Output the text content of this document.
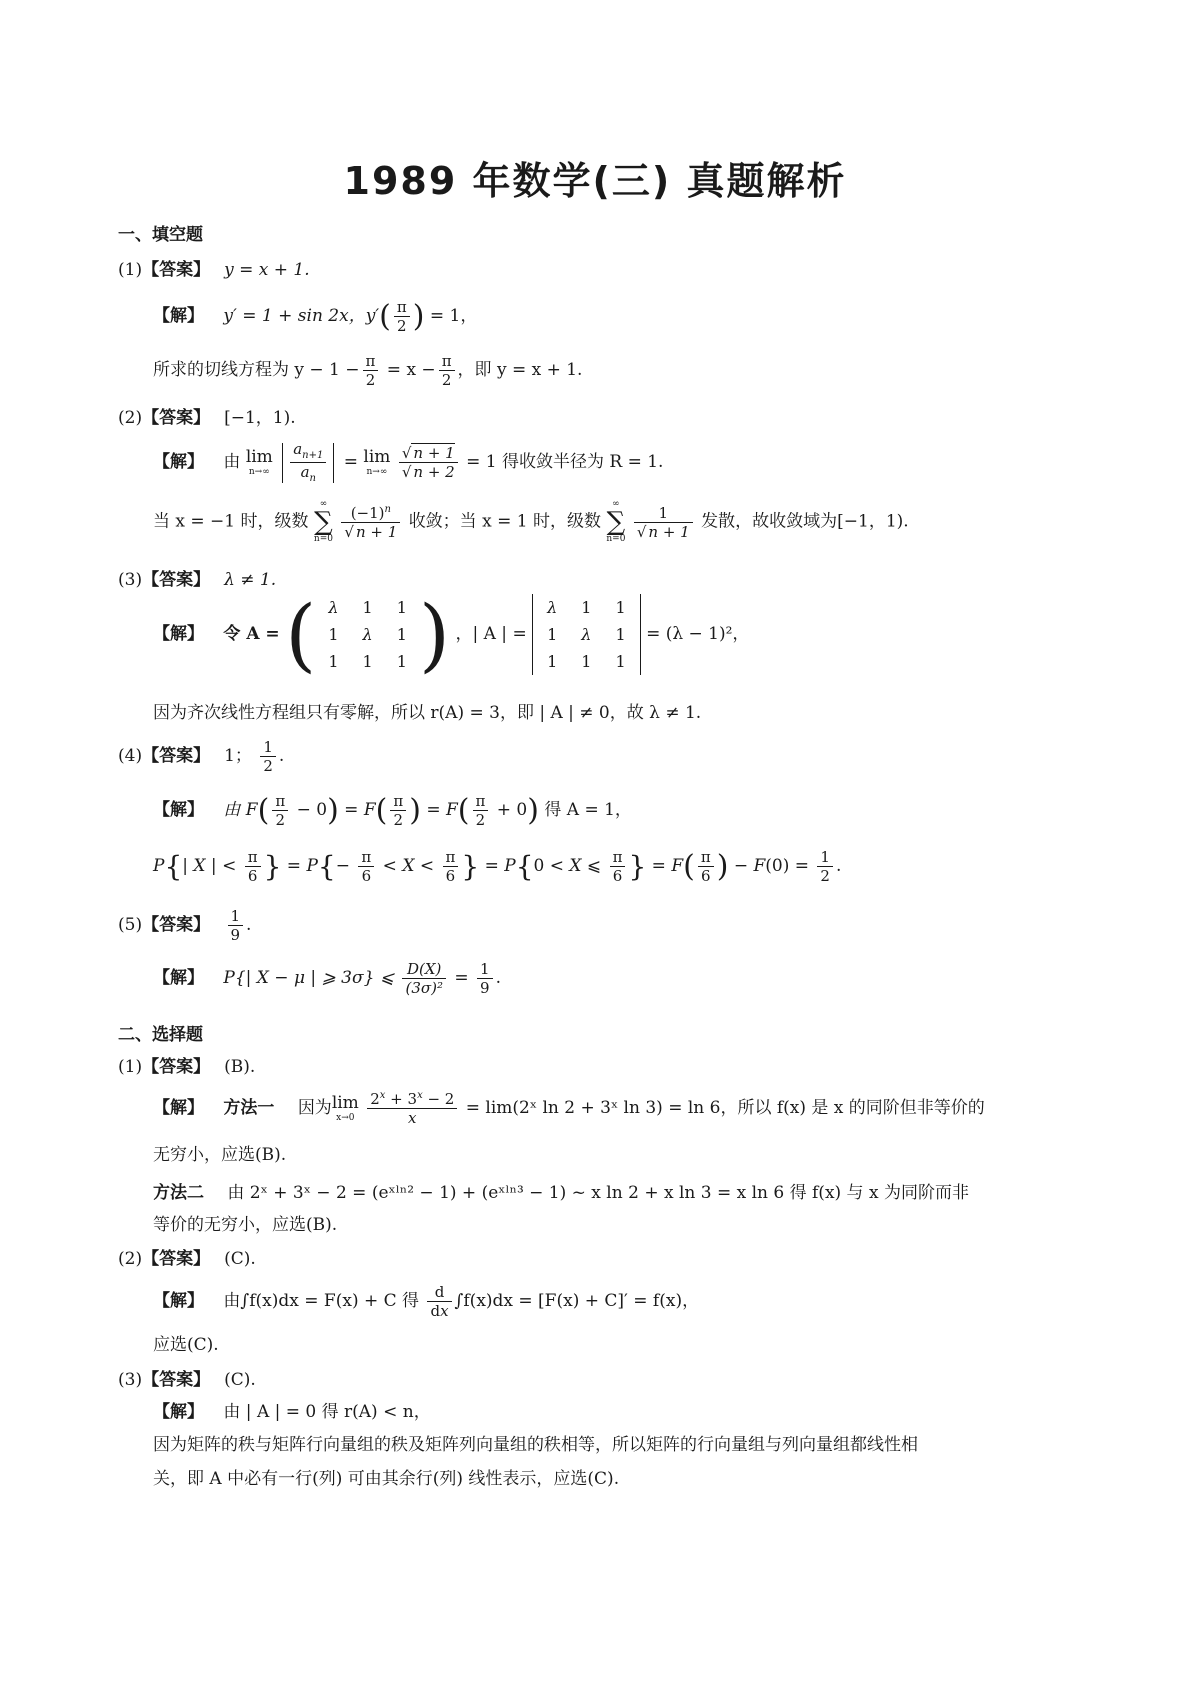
1989 年数学(三) 真题解析
一、填空题
(1)【答案】 y = x + 1.
【解】 y′ = 1 + sin 2x，$y'( \frac{\pi}{2}$ ) = 1，
所求的切线方程为 $y - 1 - \frac{\pi}{2} = x - \frac{\pi}{2}$ ，即 y = x + 1.
(2)【答案】 [−1，1).
【解】 由 lim
n→∞
$\frac{a_{n+1}}{a_n} = \lim$
n→∞
$\frac{√ n + 1}{√ n + 2} = 1$ 得收敛半径为 R = 1.
当 x = −1 时，级数
∞
∑
n=0
$\frac{(-1)^n}{√ n + 1}$ 收敛；当 x = 1 时，级数
∞
∑
n=0
$\frac{1}{√ n + 1}$ 发散，故收敛域为[−1，1).
(3)【答案】 λ ≠ 1.
【解】 令 A = ( λ	1	1
1	λ	1
1	1	1 ) ，| A | =
λ	1	1
1	λ	1
1	1	1
= (λ − 1)²，
因为齐次线性方程组只有零解，所以 r(A) = 3，即 | A | ≠ 0，故 λ ≠ 1.
(4)【答案】 1； $\frac{1}{2}$ .
【解】 由 $F( \frac{\pi}{2} - 0) = F( \frac{\pi}{2}$ ) = $F( \frac{\pi}{2} + 0)$ 得 A = 1，
P{| X | < $\frac{\pi}{6}$ } = $P\{- \frac{\pi}{6} < X < \frac{\pi}{6}$ } = P{0 < X ⩽ $\frac{\pi}{6}$ } = $F( \frac{\pi}{6}$ ) − $F(0) = \frac{1}{2}$ .
(5)【答案】 $\frac{1}{9}$ .
【解】 P{| X − μ | ⩾ 3σ} ⩽ $\frac{D(X)}{\text{(3σ)²}} = \frac{1}{9}$ .
二、选择题
(1)【答案】 (B).
【解】 方法一 因为lim
x→0
$\frac{2^x + 3^x - 2}{x}$ = lim(2ˣ ln 2 + 3ˣ ln 3) = ln 6，所以 f(x) 是 x 的同阶但非等价的
无穷小，应选(B).
方法二 由 2ˣ + 3ˣ − 2 = (eˣˡⁿ² − 1) + (eˣˡⁿ³ − 1) ~ x ln 2 + x ln 3 = x ln 6 得 f(x) 与 x 为同阶而非
等价的无穷小，应选(B).
(2)【答案】 (C).
【解】 由∫f(x)dx = F(x) + C 得 $\frac{d}{dx} \int f(x)dx = [F(x) + C]' = f(x)$，
应选(C).
(3)【答案】 (C).
【解】 由 | A | = 0 得 r(A) < n，
因为矩阵的秩与矩阵行向量组的秩及矩阵列向量组的秩相等，所以矩阵的行向量组与列向量组都线性相
关，即 A 中必有一行(列) 可由其余行(列) 线性表示，应选(C).
